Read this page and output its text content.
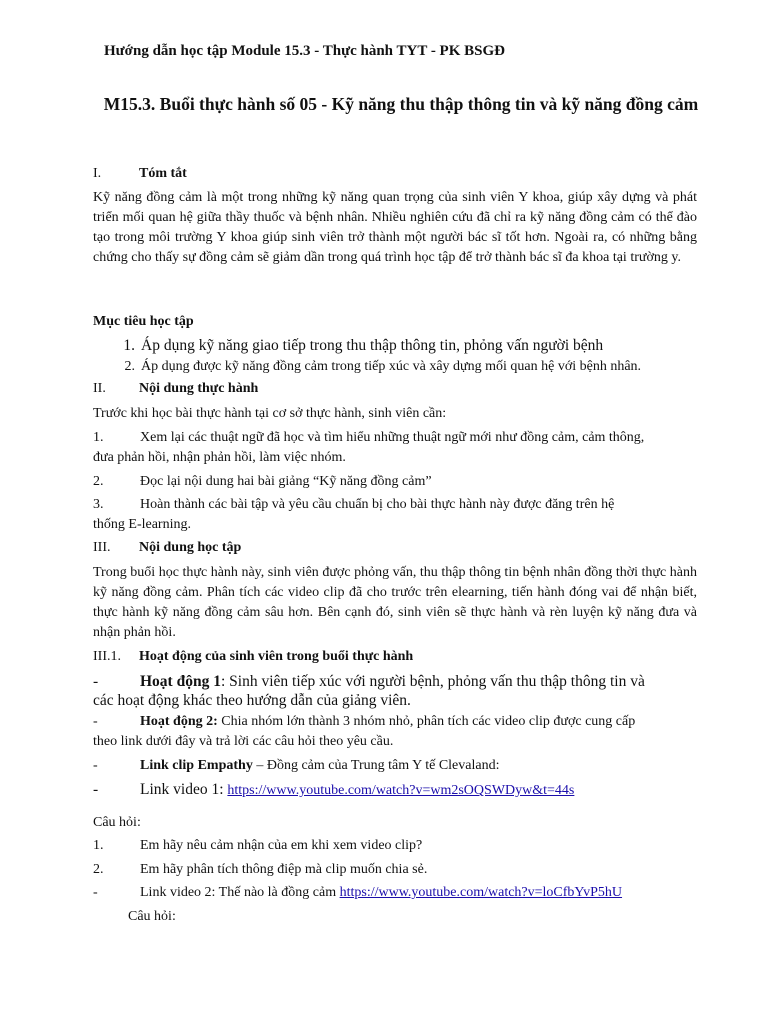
Hướng dẫn học tập Module 15.3 - Thực hành TYT - PK BSGĐ
M15.3. Buổi thực hành số 05 - Kỹ năng thu thập thông tin và kỹ năng đồng cảm
I.	Tóm tắt
Kỹ năng đồng cảm là một trong những kỹ năng quan trọng của sinh viên Y khoa, giúp xây dựng và phát triển mối quan hệ giữa thầy thuốc và bệnh nhân. Nhiều nghiên cứu đã chỉ ra kỹ năng đồng cảm có thể đào tạo trong môi trường Y khoa giúp sinh viên trở thành một người bác sĩ tốt hơn. Ngoài ra, có những bằng chứng cho thấy sự đồng cảm sẽ giảm dần trong quá trình học tập để trở thành bác sĩ đa khoa tại trường y.
Mục tiêu học tập
1. Áp dụng kỹ năng giao tiếp trong thu thập thông tin, phỏng vấn người bệnh
2. Áp dụng được kỹ năng đồng cảm trong tiếp xúc và xây dựng mối quan hệ với bệnh nhân.
II. Nội dung thực hành
Trước khi học bài thực hành tại cơ sở thực hành, sinh viên cần:
1.	Xem lại các thuật ngữ đã học và tìm hiểu những thuật ngữ mới như đồng cảm, cảm thông,
đưa phản hồi, nhận phản hồi, làm việc nhóm.
2.	Đọc lại nội dung hai bài giảng “Kỹ năng đồng cảm”
3.	Hoàn thành các bài tập và yêu cầu chuẩn bị cho bài thực hành này được đăng trên hệ
thống E-learning.
III. Nội dung học tập
Trong buổi học thực hành này, sinh viên được phỏng vấn, thu thập thông tin bệnh nhân đồng thời thực hành kỹ năng đồng cảm. Phân tích các video clip đã cho trước trên elearning, tiến hành đóng vai để nhận biết, thực hành kỹ năng đồng cảm sâu hơn. Bên cạnh đó, sinh viên sẽ thực hành và rèn luyện kỹ năng đưa và nhận phản hồi.
III.1. Hoạt động của sinh viên trong buổi thực hành
-	Hoạt động 1: Sinh viên tiếp xúc với người bệnh, phỏng vấn thu thập thông tin và
các hoạt động khác theo hướng dẫn của giảng viên.
-	Hoạt động 2: Chia nhóm lớn thành 3 nhóm nhỏ, phân tích các video clip được cung cấp
theo link dưới đây và trả lời các câu hỏi theo yêu cầu.
-	Link clip Empathy – Đồng cảm của Trung tâm Y tế Clevaland:
-	Link video 1: https://www.youtube.com/watch?v=wm2sOQSWDyw&t=44s
Câu hỏi:
1.	Em hãy nêu cảm nhận của em khi xem video clip?
2.	Em hãy phân tích thông điệp mà clip muốn chia sẻ.
-	Link video 2: Thế nào là đồng cảm https://www.youtube.com/watch?v=loCfbYvP5hU
Câu hỏi:
